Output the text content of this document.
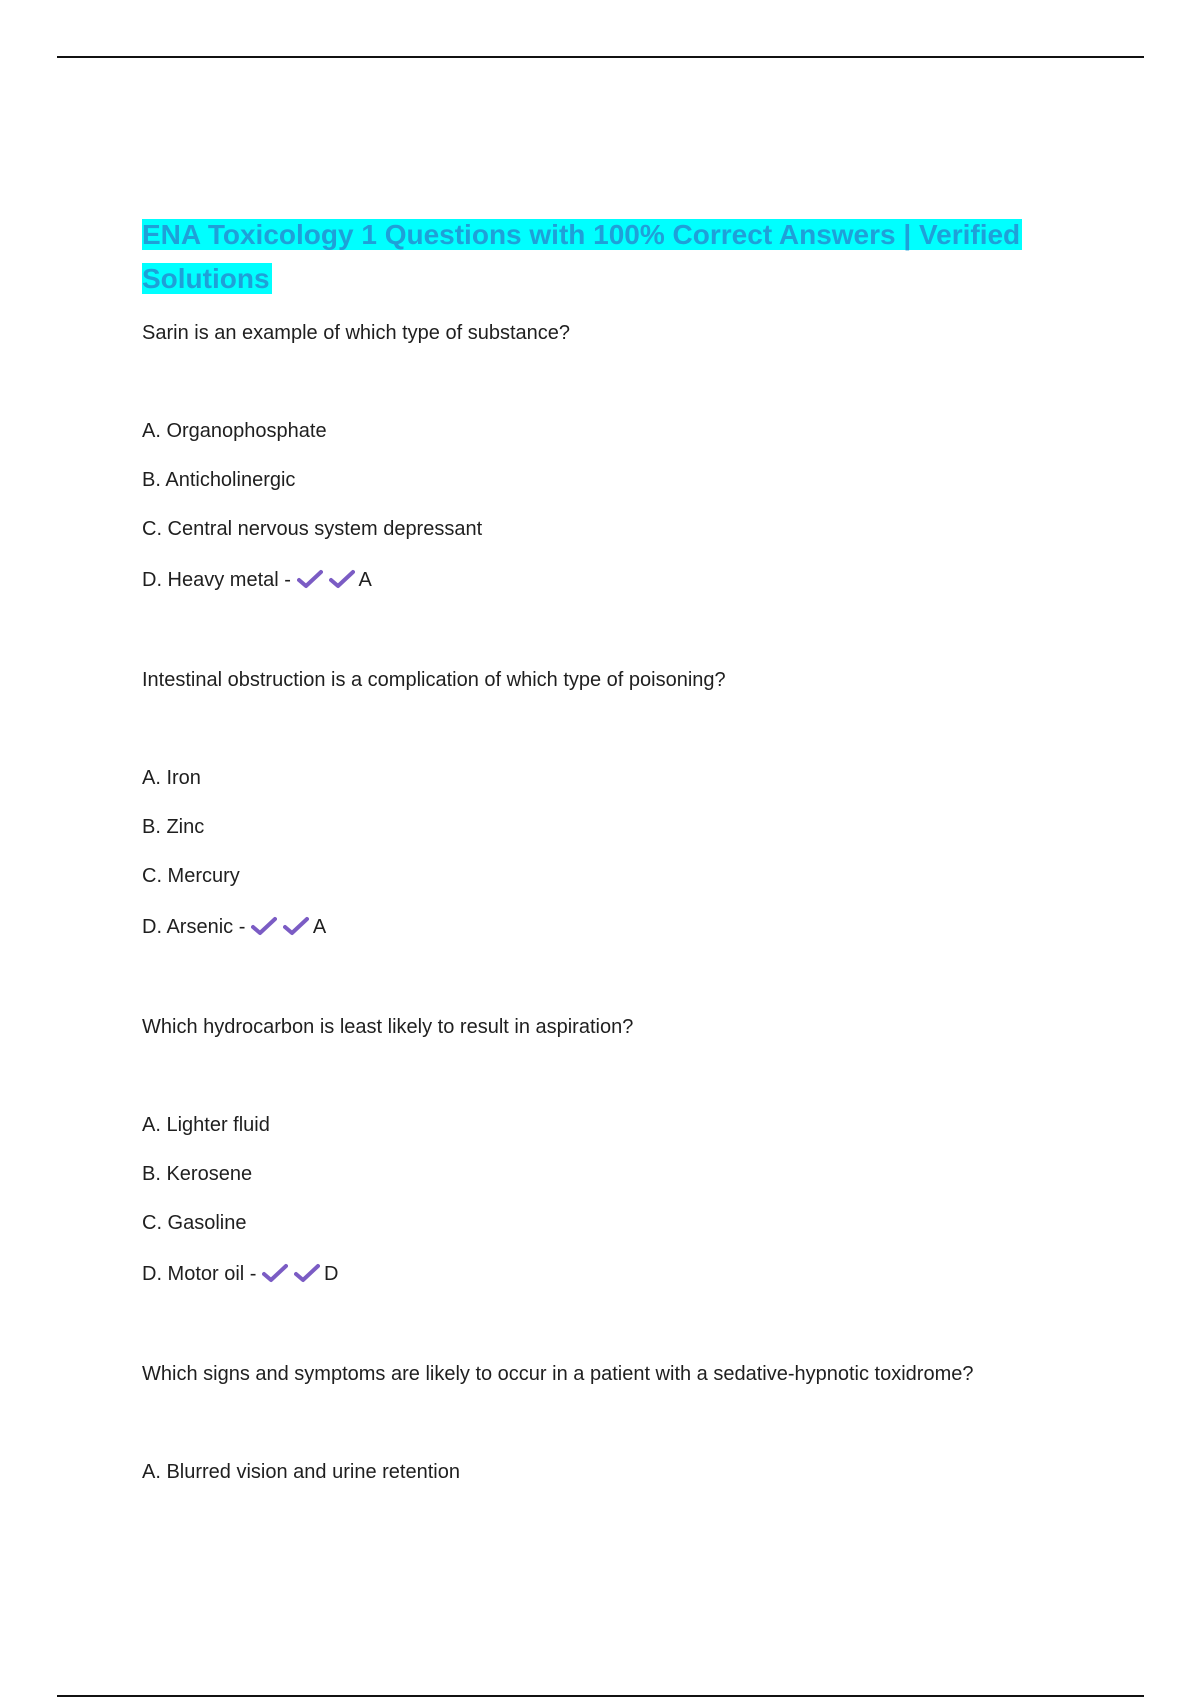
ENA Toxicology 1 Questions with 100% Correct Answers | Verified Solutions

Sarin is an example of which type of substance?

A. Organophosphate

B. Anticholinergic

C. Central nervous system depressant

D. Heavy metal -	A

Intestinal obstruction is a complication of which type of poisoning?

A. Iron

B. Zinc

C. Mercury

D. Arsenic -	A

Which hydrocarbon is least likely to result in aspiration?

A. Lighter fluid

B. Kerosene

C. Gasoline

D. Motor oil -	D

Which signs and symptoms are likely to occur in a patient with a sedative-hypnotic toxidrome?

A. Blurred vision and urine retention
